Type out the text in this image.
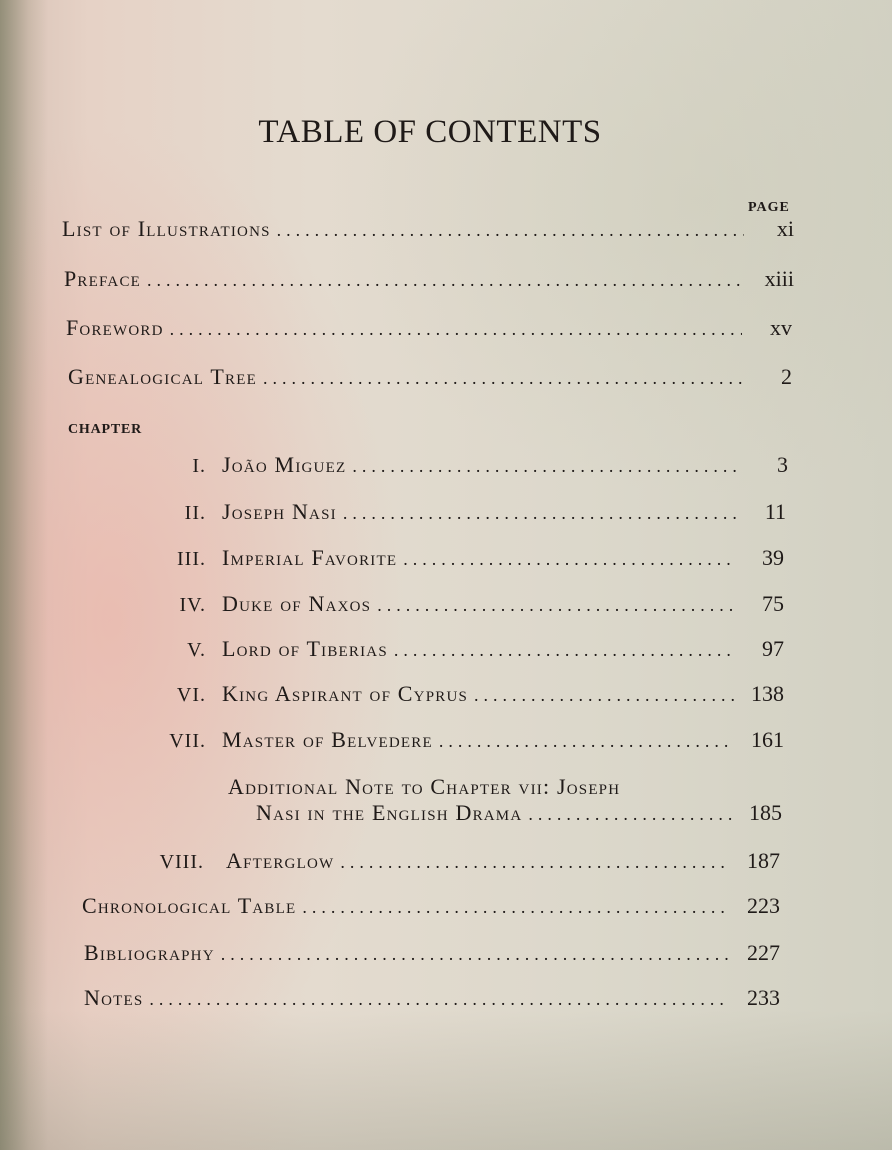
TABLE OF CONTENTS
PAGE
List of Illustrations .....	xi
Preface .....	xiii
Foreword .....	xv
Genealogical Tree .....	2
CHAPTER
I. João Miguez .....	3
II. Joseph Nasi .....	11
III. Imperial Favorite .....	39
IV. Duke of Naxos .....	75
V. Lord of Tiberias .....	97
VI. King Aspirant of Cyprus .....	138
VII. Master of Belvedere .....	161
Additional Note to Chapter vii: Joseph
Nasi in the English Drama .....	185
VIII. Afterglow .....	187
Chronological Table .....	223
Bibliography .....	227
Notes .....	233
